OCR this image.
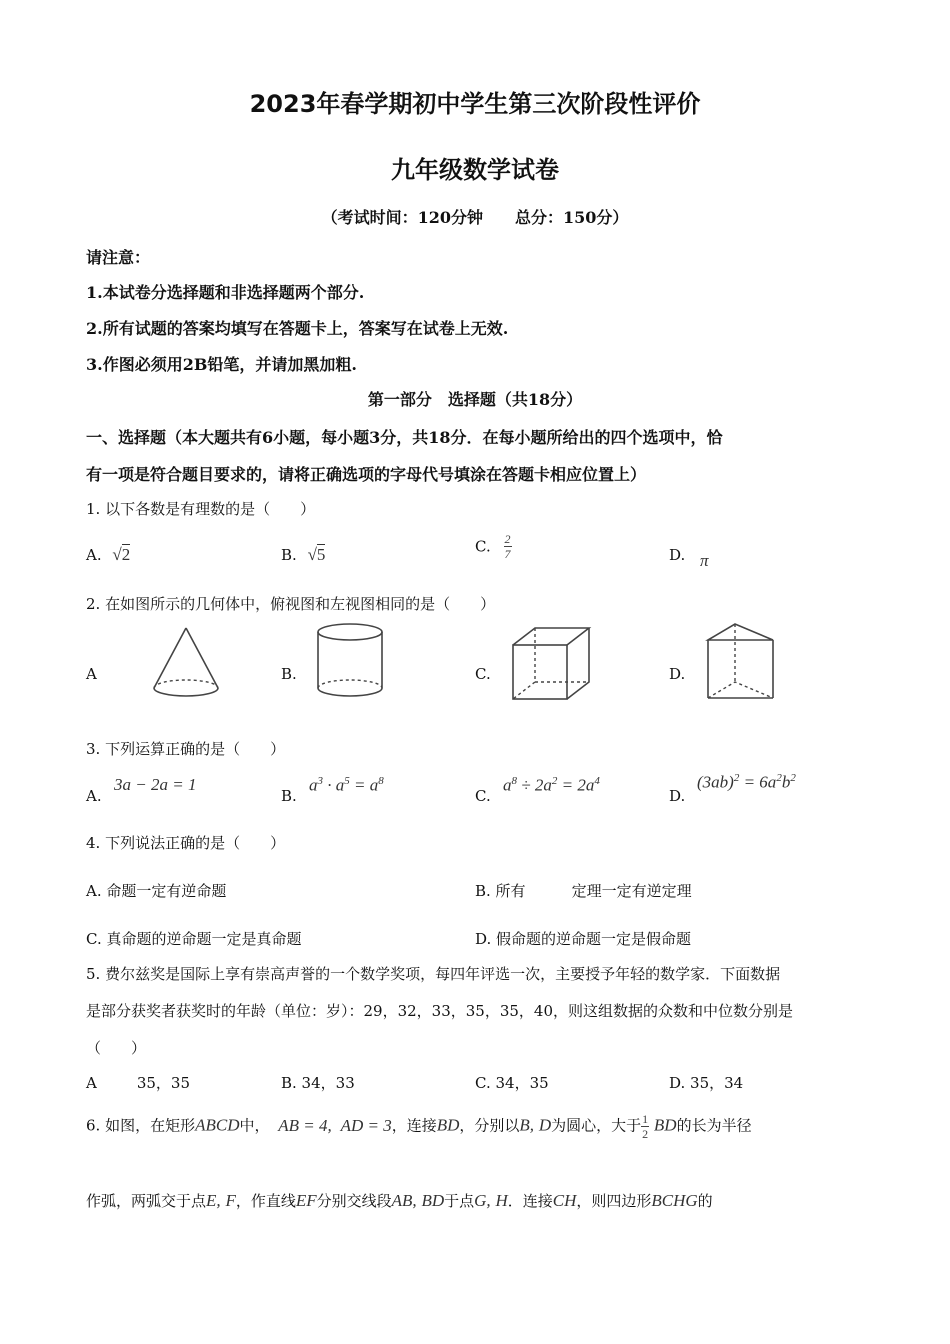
2023年春学期初中学生第三次阶段性评价
九年级数学试卷
（考试时间：120分钟　　总分：150分）
请注意：
1.本试卷分选择题和非选择题两个部分.
2.所有试题的答案均填写在答题卡上，答案写在试卷上无效.
3.作图必须用2B铅笔，并请加黑加粗.
第一部分　选择题（共18分）
一、选择题（本大题共有6小题，每小题3分，共18分．在每小题所给出的四个选项中，恰
有一项是符合题目要求的，请将正确选项的字母代号填涂在答题卡相应位置上）
1. 以下各数是有理数的是（　　）
A. √2	B. √5	C. $\frac{2}{7}$	D. π
2. 在如图所示的几何体中，俯视图和左视图相同的是（　　）
A	B.	C.	D.
3. 下列运算正确的是（　　）
A.
3a − 2a = 1
B.
$a^3 \cdot a^5 = a^8$
C.
$a^8 \div 2a^2 = 2a^4$
D.
$(3ab)^2 = 6a^2b^2$
4. 下列说法正确的是（　　）
A. 命题一定有逆命题	B. 所有	定理一定有逆定理
C. 真命题的逆命题一定是真命题	D. 假命题的逆命题一定是假命题
5. 费尔兹奖是国际上享有崇高声誉的一个数学奖项，每四年评选一次，主要授予年轻的数学家．下面数据
是部分获奖者获奖时的年龄（单位：岁）：29，32，33，35，35，40，则这组数据的众数和中位数分别是
（　　）
A	35，35	B. 34，33	C. 34，35	D. 35，34
6. 如图，在矩形ABCD中， AB = 4, AD = 3，连接BD，分别以B, D为圆心，大于 $\frac{1}{2}$ BD的长为半径
作弧，两弧交于点E, F，作直线EF分别交线段AB, BD于点G, H．连接CH，则四边形BCHG的
